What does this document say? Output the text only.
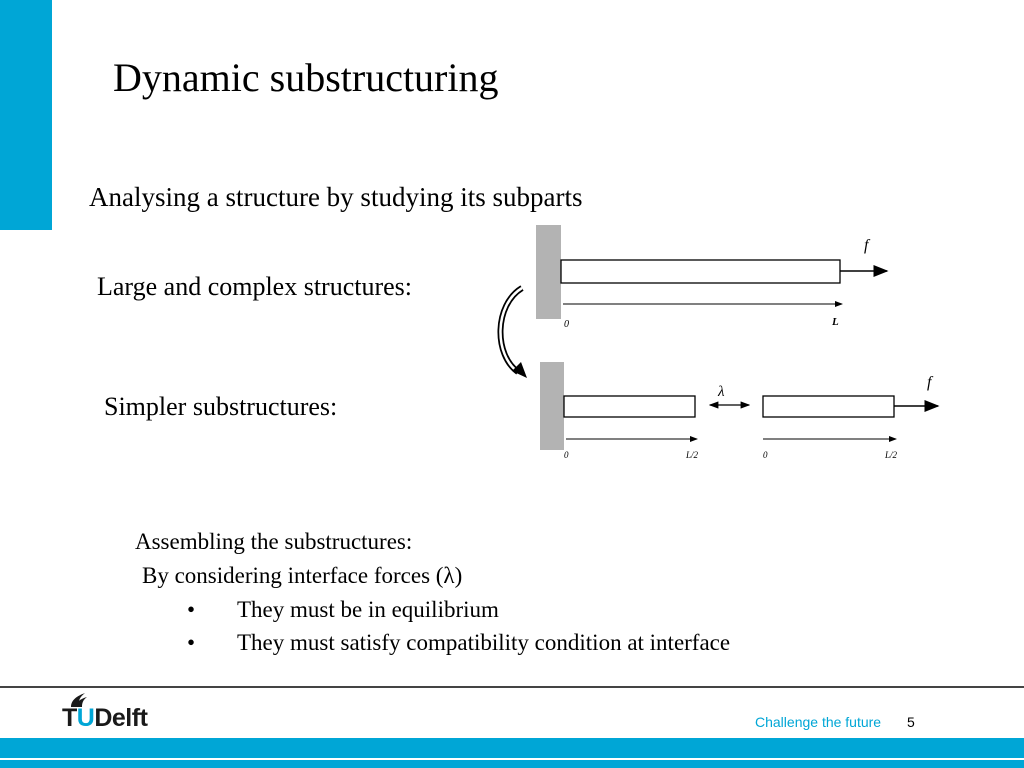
Dynamic substructuring
Analysing a structure by studying its subparts
Large and complex structures:
Simpler substructures:
f
0	L
λ
f
0	L/2	0	L/2
Assembling the substructures:
By considering interface forces (λ)
• They must be in equilibrium
• They must satisfy compatibility condition at interface
TUDelft	Challenge the future 5
